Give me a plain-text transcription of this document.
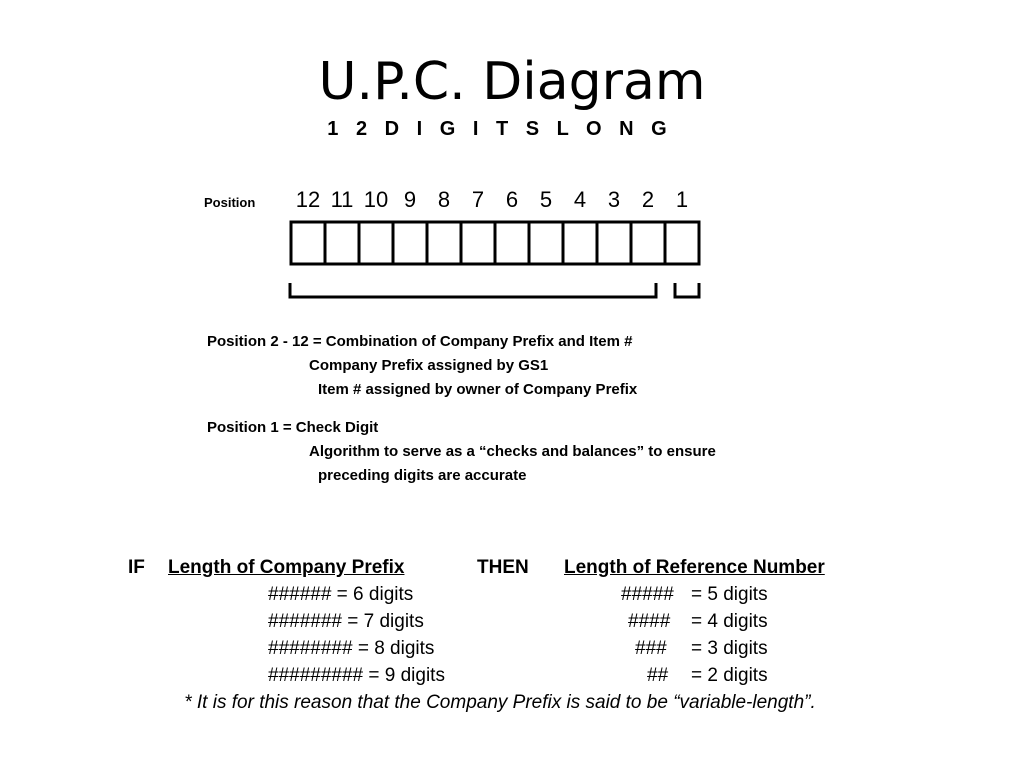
U.P.C. Diagram
1 2 D I G I T S L O N G
Position 12 11 10 9 8 7 6 5 4 3 2 1
Position 2 - 12 = Combination of Company Prefix and Item #
Company Prefix assigned by GS1
Item # assigned by owner of Company Prefix
Position 1 = Check Digit
Algorithm to serve as a “checks and balances” to ensure
preceding digits are accurate
IF Length of Company Prefix	THEN Length of Reference Number
###### = 6 digits	##### = 5 digits
####### = 7 digits	#### = 4 digits
######## = 8 digits	### = 3 digits
######### = 9 digits	## = 2 digits
* It is for this reason that the Company Prefix is said to be “variable-length”.
